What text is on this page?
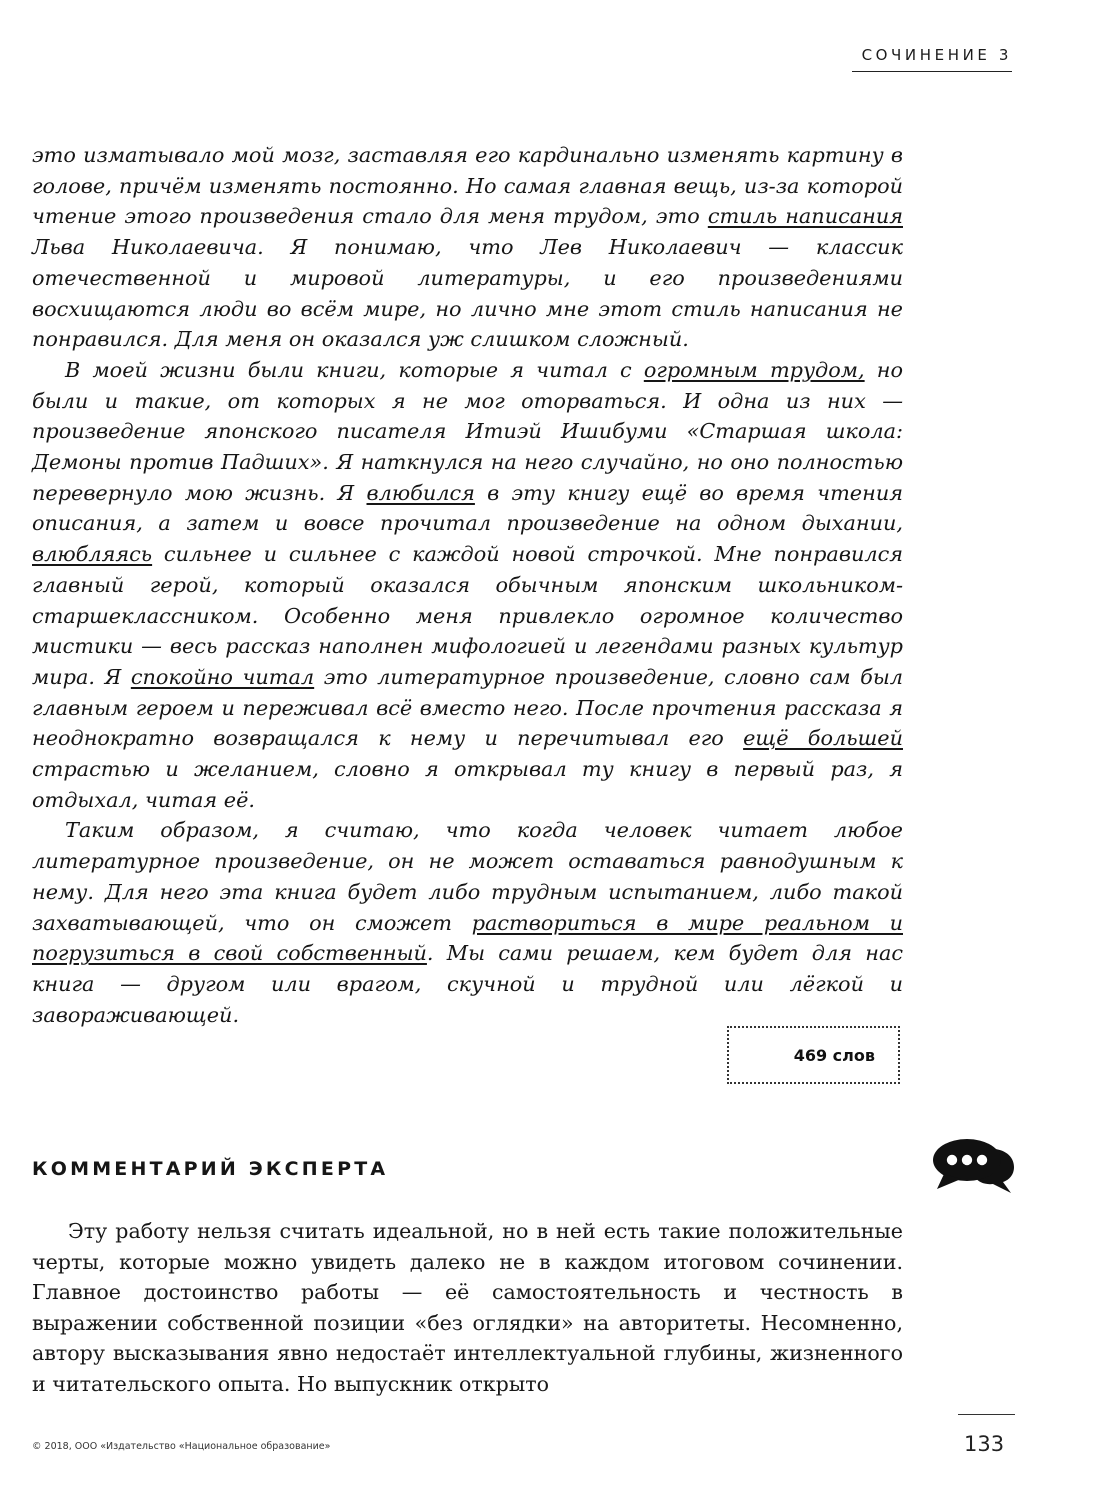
СОЧИНЕНИЕ 3

это изматывало мой мозг, заставляя его кардинально изменять картину в голове, причём изменять постоянно. Но самая главная вещь, из-за которой чтение этого произведения стало для меня трудом, это стиль написания Льва Николаевича. Я понимаю, что Лев Николаевич — классик отечественной и мировой литературы, и его произведениями восхищаются люди во всём мире, но лично мне этот стиль написания не понравился. Для меня он оказался уж слишком сложный.

В моей жизни были книги, которые я читал с огромным трудом, но были и такие, от которых я не мог оторваться. И одна из них — произведение японского писателя Итиэй Ишибуми «Старшая школа: Демоны против Падших». Я наткнулся на него случайно, но оно полностью перевернуло мою жизнь. Я влюбился в эту книгу ещё во время чтения описания, а затем и вовсе прочитал произведение на одном дыхании, влюбляясь сильнее и сильнее с каждой новой строчкой. Мне понравился главный герой, который оказался обычным японским школьником-старшеклассником. Особенно меня привлекло огромное количество мистики — весь рассказ наполнен мифологией и легендами разных культур мира. Я спокойно читал это литературное произведение, словно сам был главным героем и переживал всё вместо него. После прочтения рассказа я неоднократно возвращался к нему и перечитывал его ещё большей страстью и желанием, словно я открывал ту книгу в первый раз, я отдыхал, читая её.

Таким образом, я считаю, что когда человек читает любое литературное произведение, он не может оставаться равнодушным к нему. Для него эта книга будет либо трудным испытанием, либо такой захватывающей, что он сможет раствориться в мире реальном и погрузиться в свой собственный. Мы сами решаем, кем будет для нас книга — другом или врагом, скучной и трудной или лёгкой и завораживающей.

469 слов
КОММЕНТАРИЙ ЭКСПЕРТА

Эту работу нельзя считать идеальной, но в ней есть такие положительные черты, которые можно увидеть далеко не в каждом итоговом сочинении. Главное достоинство работы — её самостоятельность и честность в выражении собственной позиции «без оглядки» на авторитеты. Несомненно, автору высказывания явно недостаёт интеллектуальной глубины, жизненного и читательского опыта. Но выпускник открыто

© 2018, ООО «Издательство «Национальное образование»	133
